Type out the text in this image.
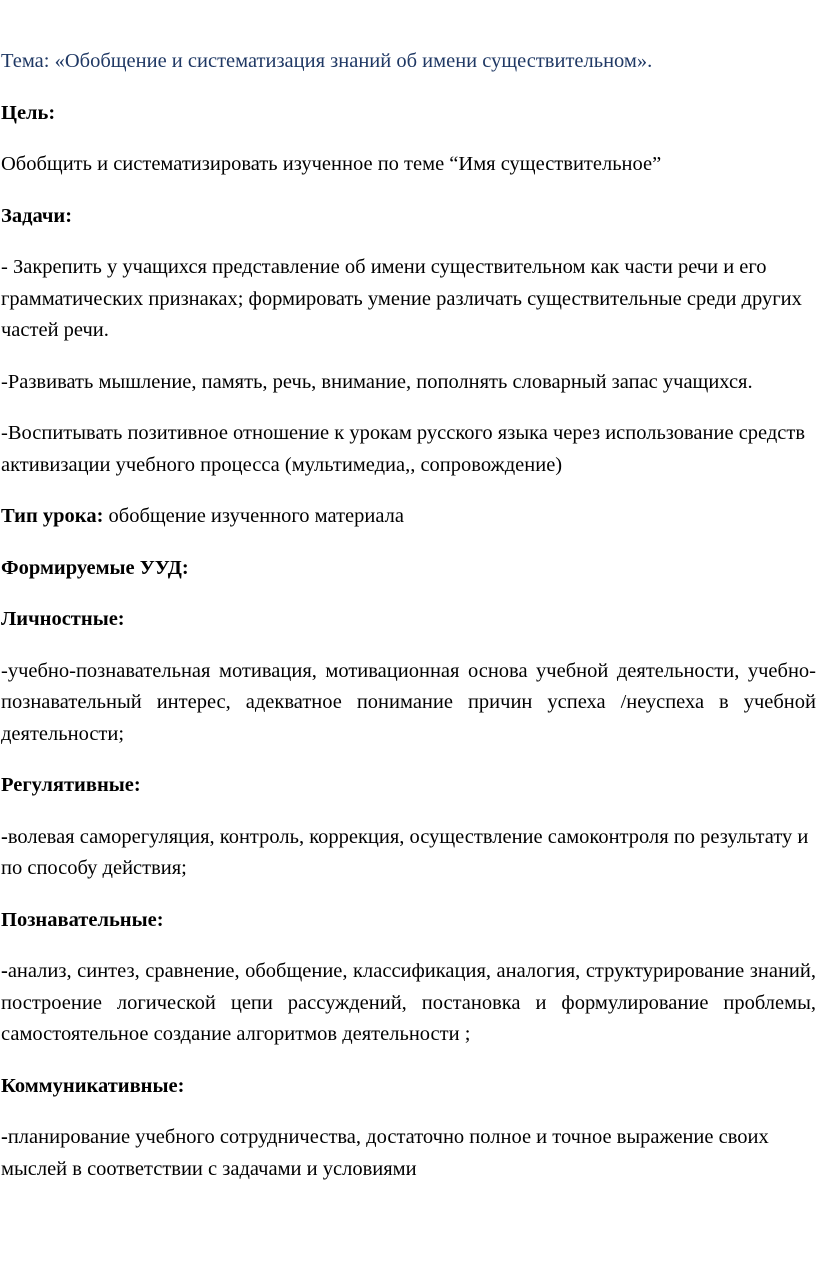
Тема: «Обобщение и систематизация знаний об имени существительном».

Цель:

Обобщить и систематизировать изученное по теме “Имя существительное”

Задачи:

- Закрепить у учащихся представление об имени существительном как части речи и его грамматических признаках; формировать умение различать существительные среди других частей речи.

-Развивать мышление, память, речь, внимание, пополнять словарный запас учащихся.

-Воспитывать позитивное отношение к урокам русского языка через использование средств активизации учебного процесса (мультимедиа,, сопровождение)

Тип урока: обобщение изученного материала

Формируемые УУД:

Личностные:

-учебно-познавательная мотивация, мотивационная основа учебной деятельности, учебно-познавательный интерес, адекватное понимание причин успеха /неуспеха в учебной деятельности;

Регулятивные:

-волевая саморегуляция, контроль, коррекция, осуществление самоконтроля по результату и по способу действия;

Познавательные:

-анализ, синтез, сравнение, обобщение, классификация, аналогия, структурирование знаний, построение логической цепи рассуждений, постановка и формулирование проблемы, самостоятельное создание алгоритмов деятельности ;

Коммуникативные:

-планирование учебного сотрудничества, достаточно полное и точное выражение своих мыслей в соответствии с задачами и условиями
